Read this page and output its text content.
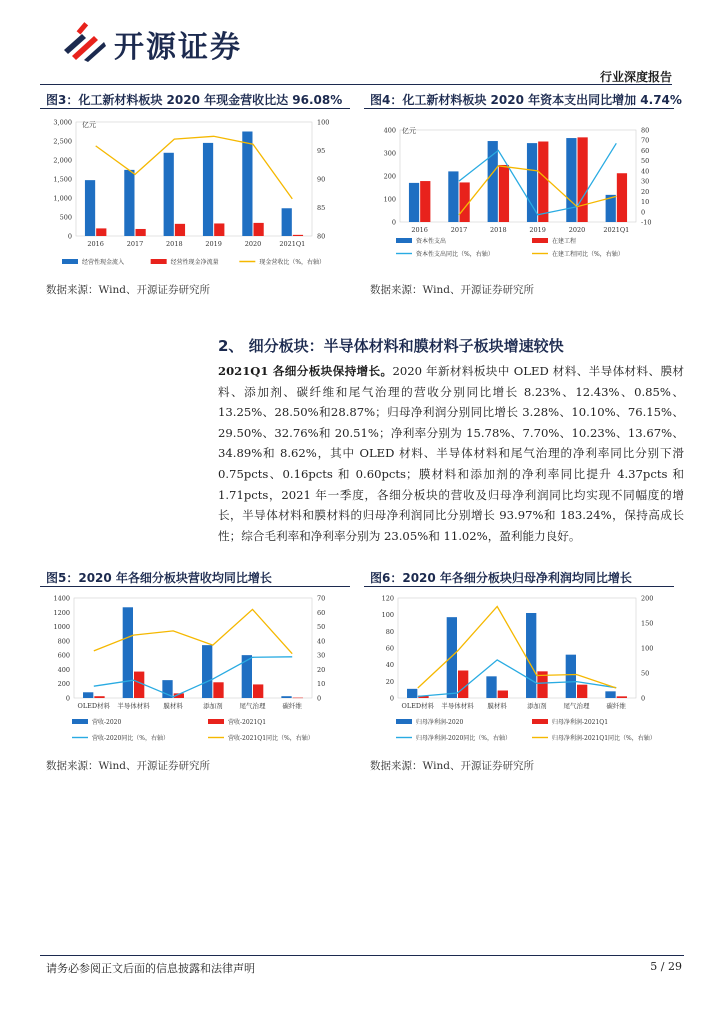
开源证券
行业深度报告
图3：化工新材料板块 2020 年现金营收比达 96.08%
0
500
1,000
1,500
2,000
2,500
3,000
80
85
90
95
100
亿元
2016	2017	2018	2019	2020	2021Q1
经营性现金流入	经营性现金净流量	现金营收比（%，右轴）
数据来源：Wind、开源证券研究所
图4：化工新材料板块 2020 年资本支出同比增加 4.74%
0
100
200
300
400
-10
0
10
20
30
40
50
60
70
80
亿元
2016	2017	2018	2019	2020	2021Q1
资本性支出	在建工程
资本性支出同比（%，右轴）	在建工程同比（%，右轴）
数据来源：Wind、开源证券研究所
2、 细分板块：半导体材料和膜材料子板块增速较快
2021Q1 各细分板块保持增长。2020 年新材料板块中 OLED 材料、半导体材料、膜材料、添加剂、碳纤维和尾气治理的营收分别同比增长 8.23%、12.43%、0.85%、13.25%、28.50%和28.87%；归母净利润分别同比增长 3.28%、10.10%、76.15%、29.50%、32.76%和 20.51%；净利率分别为 15.78%、7.70%、10.23%、13.67%、34.89%和 8.62%，其中 OLED 材料、半导体材料和尾气治理的净利率同比分别下滑 0.75pcts、0.16pcts 和 0.60pcts；膜材料和添加剂的净利率同比提升 4.37pcts 和 1.71pcts，2021 年一季度，各细分板块的营收及归母净利润同比均实现不同幅度的增长，半导体材料和膜材料的归母净利润同比分别增长 93.97%和 183.24%，保持高成长性；综合毛利率和净利率分别为 23.05%和 11.02%，盈利能力良好。
图5：2020 年各细分板块营收均同比增长
0
200
400
600
800
1000
1200
1400
0
10
20
30
40
50
60
70
OLED材料 半导体材料 膜材料	添加剂	尾气治理	碳纤维
营收-2020	营收-2021Q1
营收-2020同比（%，右轴）	营收-2021Q1同比（%，右轴）
数据来源：Wind、开源证券研究所
图6：2020 年各细分板块归母净利润均同比增长
0
20
40
60
80
100
120
0
50
100
150
200
OLED材料 半导体材料 膜材料	添加剂	尾气治理	碳纤维
归母净利润-2020	归母净利润-2021Q1
归母净利润-2020同比（%，右轴）	归母净利润-2021Q1同比（%，右轴）
数据来源：Wind、开源证券研究所
请务必参阅正文后面的信息披露和法律声明	5 / 29
